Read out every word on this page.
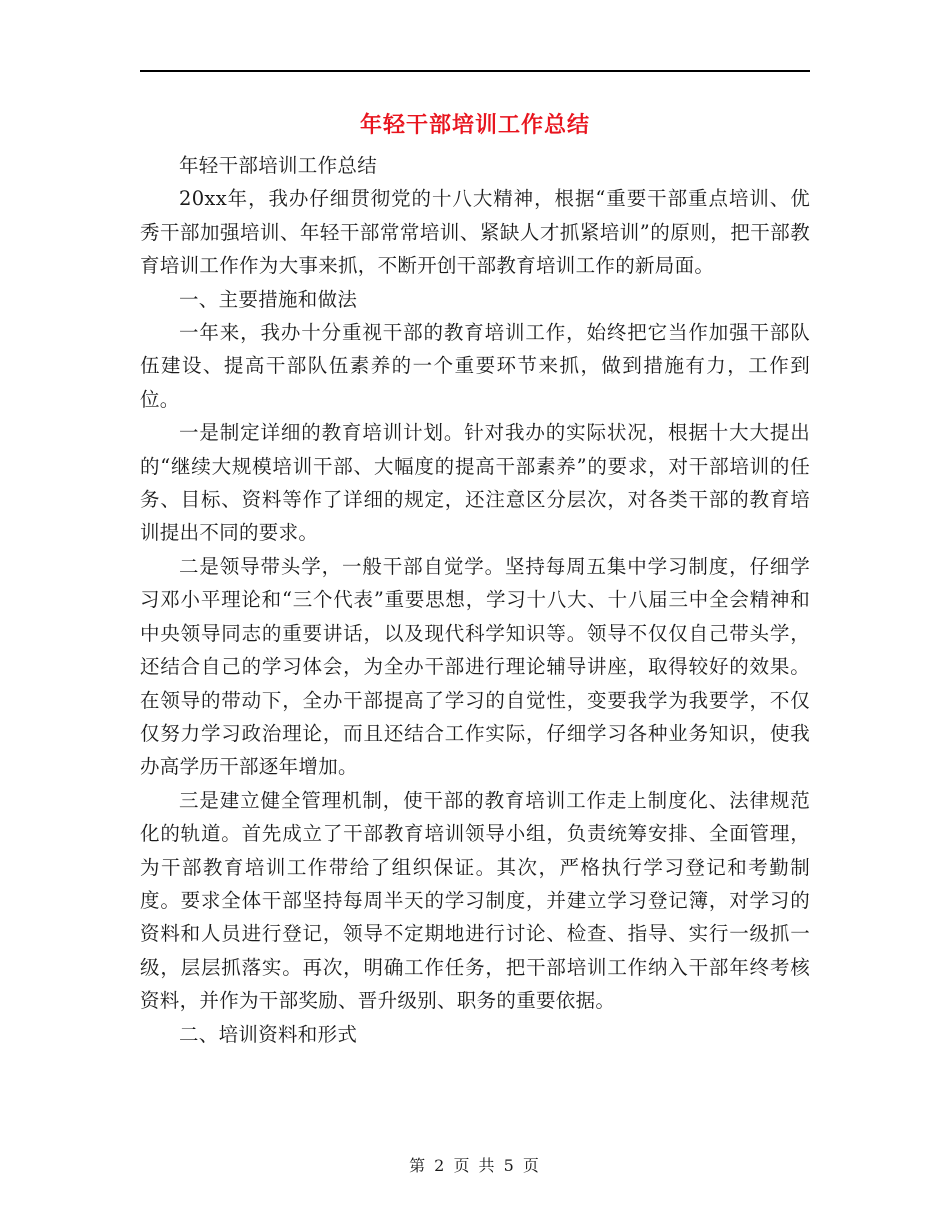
年轻干部培训工作总结

年轻干部培训工作总结

20xx年，我办仔细贯彻党的十八大精神，根据“重要干部重点培训、优秀干部加强培训、年轻干部常常培训、紧缺人才抓紧培训”的原则，把干部教育培训工作作为大事来抓，不断开创干部教育培训工作的新局面。

一、主要措施和做法

一年来，我办十分重视干部的教育培训工作，始终把它当作加强干部队伍建设、提高干部队伍素养的一个重要环节来抓，做到措施有力，工作到位。

一是制定详细的教育培训计划。针对我办的实际状况，根据十大大提出的“继续大规模培训干部、大幅度的提高干部素养”的要求，对干部培训的任务、目标、资料等作了详细的规定，还注意区分层次，对各类干部的教育培训提出不同的要求。

二是领导带头学，一般干部自觉学。坚持每周五集中学习制度，仔细学习邓小平理论和“三个代表”重要思想，学习十八大、十八届三中全会精神和中央领导同志的重要讲话，以及现代科学知识等。领导不仅仅自己带头学，还结合自己的学习体会，为全办干部进行理论辅导讲座，取得较好的效果。在领导的带动下，全办干部提高了学习的自觉性，变要我学为我要学，不仅仅努力学习政治理论，而且还结合工作实际，仔细学习各种业务知识，使我办高学历干部逐年增加。

三是建立健全管理机制，使干部的教育培训工作走上制度化、法律规范化的轨道。首先成立了干部教育培训领导小组，负责统筹安排、全面管理，为干部教育培训工作带给了组织保证。其次，严格执行学习登记和考勤制度。要求全体干部坚持每周半天的学习制度，并建立学习登记簿，对学习的资料和人员进行登记，领导不定期地进行讨论、检查、指导、实行一级抓一级，层层抓落实。再次，明确工作任务，把干部培训工作纳入干部年终考核资料，并作为干部奖励、晋升级别、职务的重要依据。

二、培训资料和形式

第 2 页 共 5 页
